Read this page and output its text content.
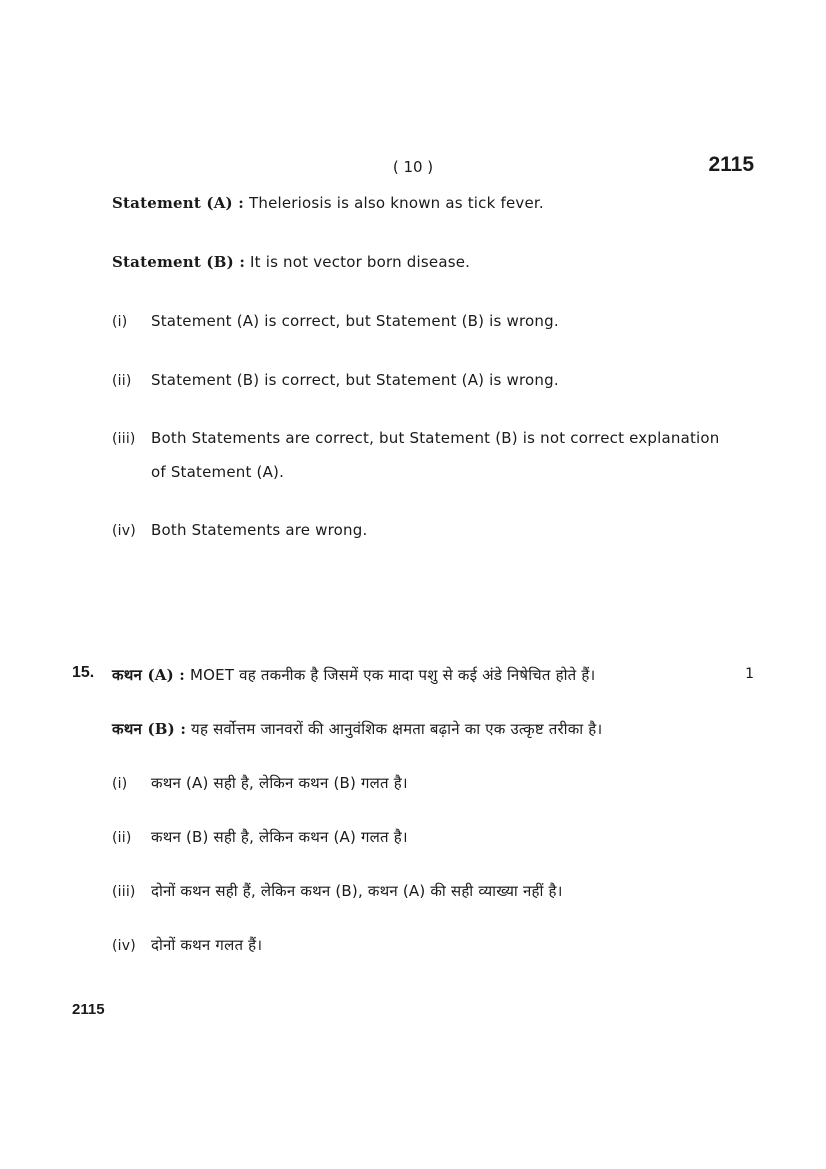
( 10 )	2115
Statement (A) : Theleriosis is also known as tick fever.
Statement (B) : It is not vector born disease.
(i) Statement (A) is correct, but Statement (B) is wrong.
(ii) Statement (B) is correct, but Statement (A) is wrong.
(iii) Both Statements are correct, but Statement (B) is not correct explanation
of Statement (A).
(iv) Both Statements are wrong.
15. कथन (A) : MOET वह तकनीक है जिसमें एक मादा पशु से कई अंडे निषेचित होते हैं।	1
कथन (B) : यह सर्वोत्तम जानवरों की आनुवंशिक क्षमता बढ़ाने का एक उत्कृष्ट तरीका है।
(i) कथन (A) सही है, लेकिन कथन (B) गलत है।
(ii) कथन (B) सही है, लेकिन कथन (A) गलत है।
(iii) दोनों कथन सही हैं, लेकिन कथन (B), कथन (A) की सही व्याख्या नहीं है।
(iv) दोनों कथन गलत हैं।
2115
